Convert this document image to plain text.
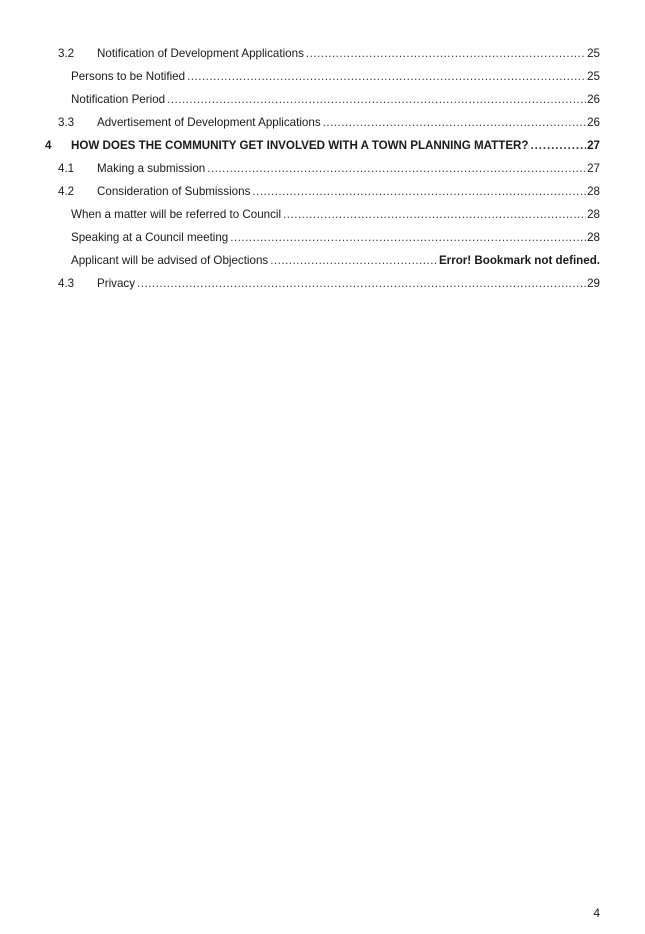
3.2 Notification of Development Applications .....	25
Persons to be Notified .....	25
Notification Period .....	26
3.3 Advertisement of Development Applications .....	26
4 HOW DOES THE COMMUNITY GET INVOLVED WITH A TOWN PLANNING MATTER? .....	27
4.1 Making a submission .....	27
4.2 Consideration of Submissions .....	28
When a matter will be referred to Council .....	28
Speaking at a Council meeting .....	28
Applicant will be advised of Objections .....	Error! Bookmark not defined.
4.3 Privacy .....	29
4
